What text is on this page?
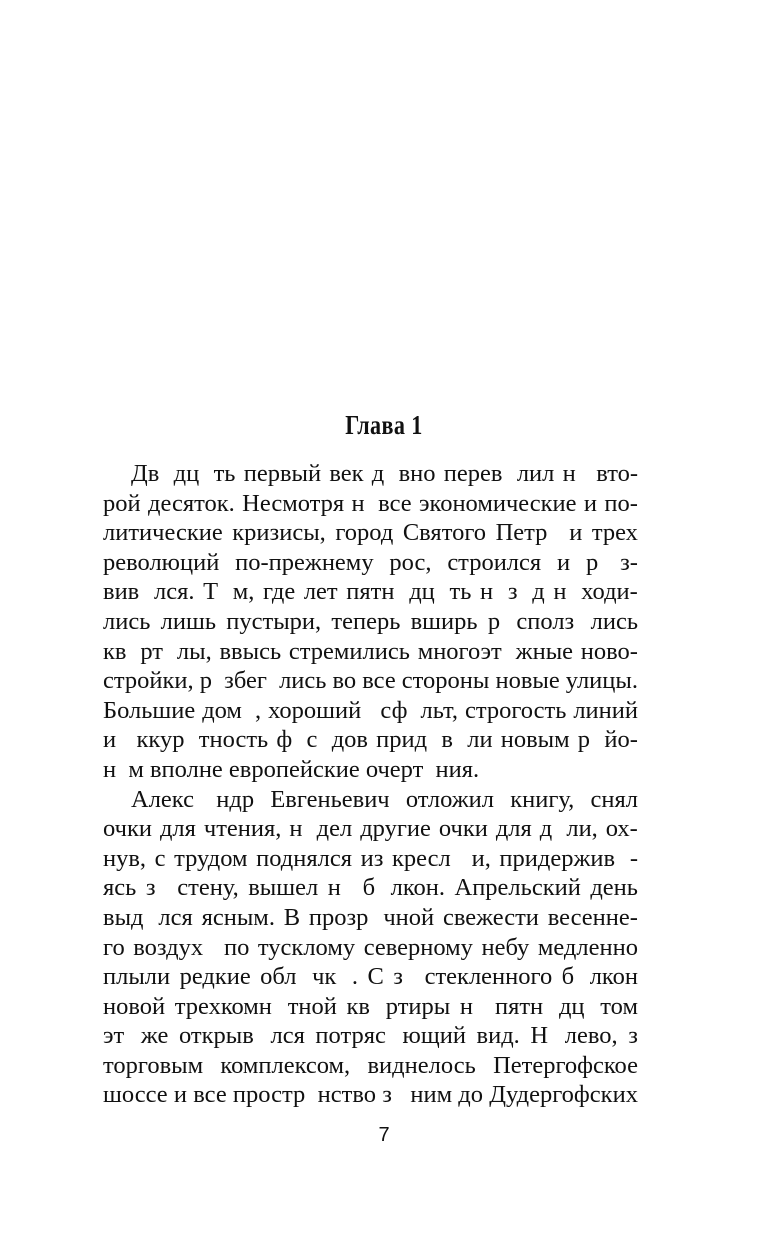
Глава 1
Дв дц ть первый век д вно перев лил н вто-
рой десяток. Несмотря н все экономические и по-
литические кризисы, город Святого Петр и трех
революций по-прежнему рос, строился и р з-
вив лся. Т м, где лет пятн дц ть н з д н ходи-
лись лишь пустыри, теперь вширь р сполз лись
кв рт лы, ввысь стремились многоэт жные ново-
стройки, р збег лись во все стороны новые улицы.
Большие дом , хороший сф льт, строгость линий
и ккур тность ф с дов прид в ли новым р йо-
н  м вполне европейские очерт  ния.
Алекс ндр Евгеньевич отложил книгу, снял
очки для чтения, н дел другие очки для д ли, ох-
нув, с трудом поднялся из кресл и, придержив -
ясь з стену, вышел н б лкон. Апрельский день
выд лся ясным. В прозр чной свежести весенне-
го воздух по тусклому северному небу медленно
плыли редкие обл чк . С з стекленного б лкон
новой трехкомн тной кв ртиры н пятн дц том
эт же открыв лся потряс ющий вид. Н лево, з
торговым комплексом, виднелось Петергофское
шоссе и все простр нство з ним до Дудергофских
7
